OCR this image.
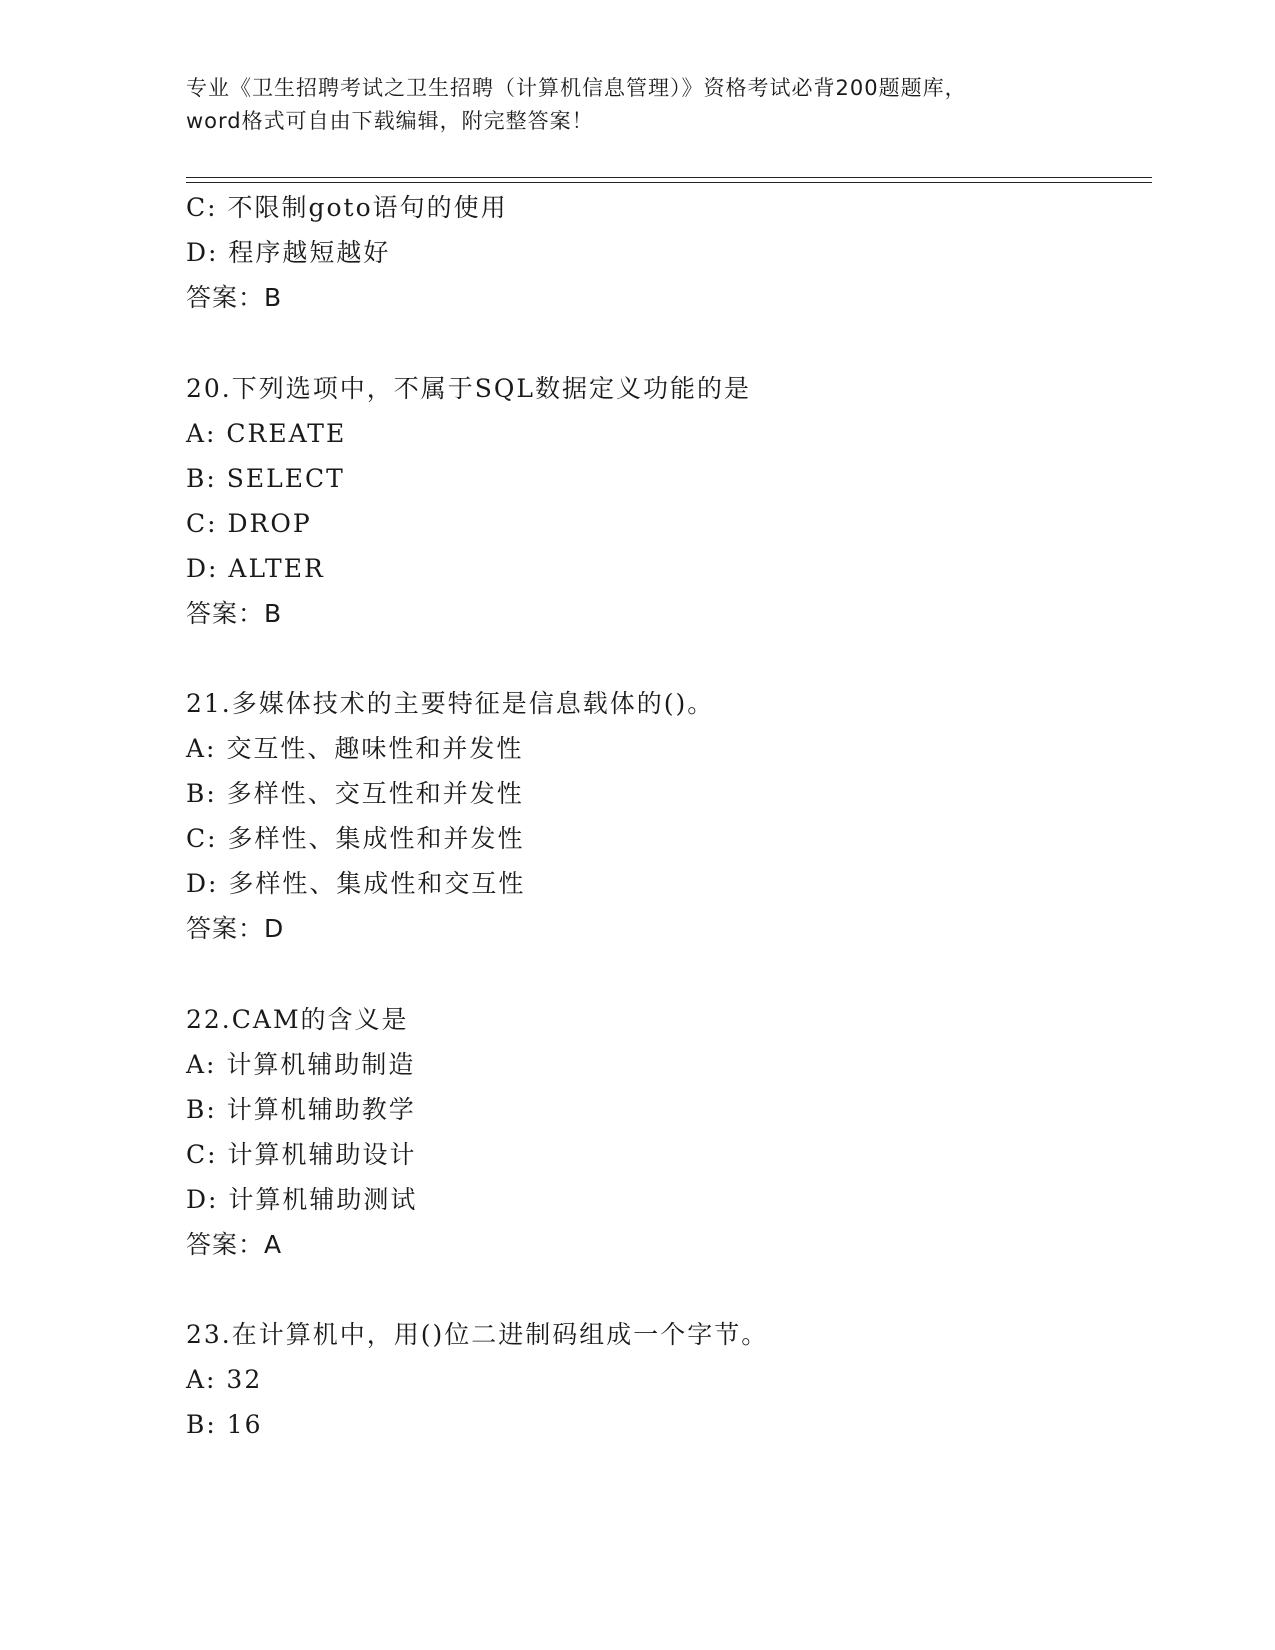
专业《卫生招聘考试之卫生招聘（计算机信息管理）》资格考试必背200题题库，
word格式可自由下载编辑，附完整答案！
C: 不限制goto语句的使用
D: 程序越短越好
答案：B
20.下列选项中，不属于SQL数据定义功能的是
A: CREATE
B: SELECT
C: DROP
D: ALTER
答案：B
21.多媒体技术的主要特征是信息载体的()。
A: 交互性、趣味性和并发性
B: 多样性、交互性和并发性
C: 多样性、集成性和并发性
D: 多样性、集成性和交互性
答案：D
22.CAM的含义是
A: 计算机辅助制造
B: 计算机辅助教学
C: 计算机辅助设计
D: 计算机辅助测试
答案：A
23.在计算机中，用()位二进制码组成一个字节。
A: 32
B: 16
